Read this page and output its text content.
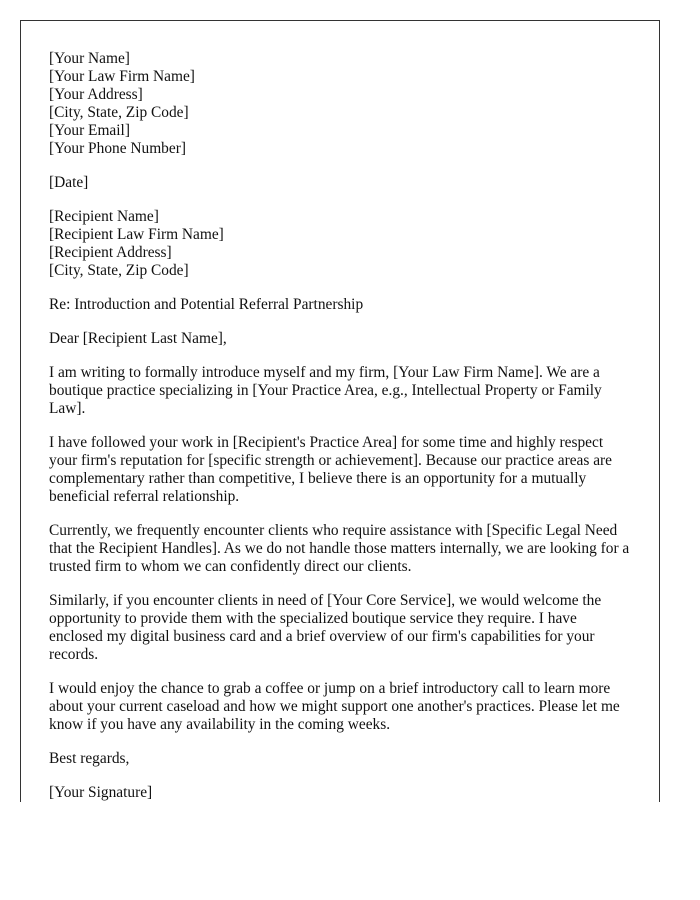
[Your Name]
[Your Law Firm Name]
[Your Address]
[City, State, Zip Code]
[Your Email]
[Your Phone Number]

[Date]

[Recipient Name]
[Recipient Law Firm Name]
[Recipient Address]
[City, State, Zip Code]

Re: Introduction and Potential Referral Partnership

Dear [Recipient Last Name],

I am writing to formally introduce myself and my firm, [Your Law Firm Name]. We are a boutique practice specializing in [Your Practice Area, e.g., Intellectual Property or Family Law].

I have followed your work in [Recipient's Practice Area] for some time and highly respect your firm's reputation for [specific strength or achievement]. Because our practice areas are complementary rather than competitive, I believe there is an opportunity for a mutually beneficial referral relationship.

Currently, we frequently encounter clients who require assistance with [Specific Legal Need that the Recipient Handles]. As we do not handle those matters internally, we are looking for a trusted firm to whom we can confidently direct our clients.

Similarly, if you encounter clients in need of [Your Core Service], we would welcome the opportunity to provide them with the specialized boutique service they require. I have enclosed my digital business card and a brief overview of our firm's capabilities for your records.

I would enjoy the chance to grab a coffee or jump on a brief introductory call to learn more about your current caseload and how we might support one another's practices. Please let me know if you have any availability in the coming weeks.

Best regards,

[Your Signature]
